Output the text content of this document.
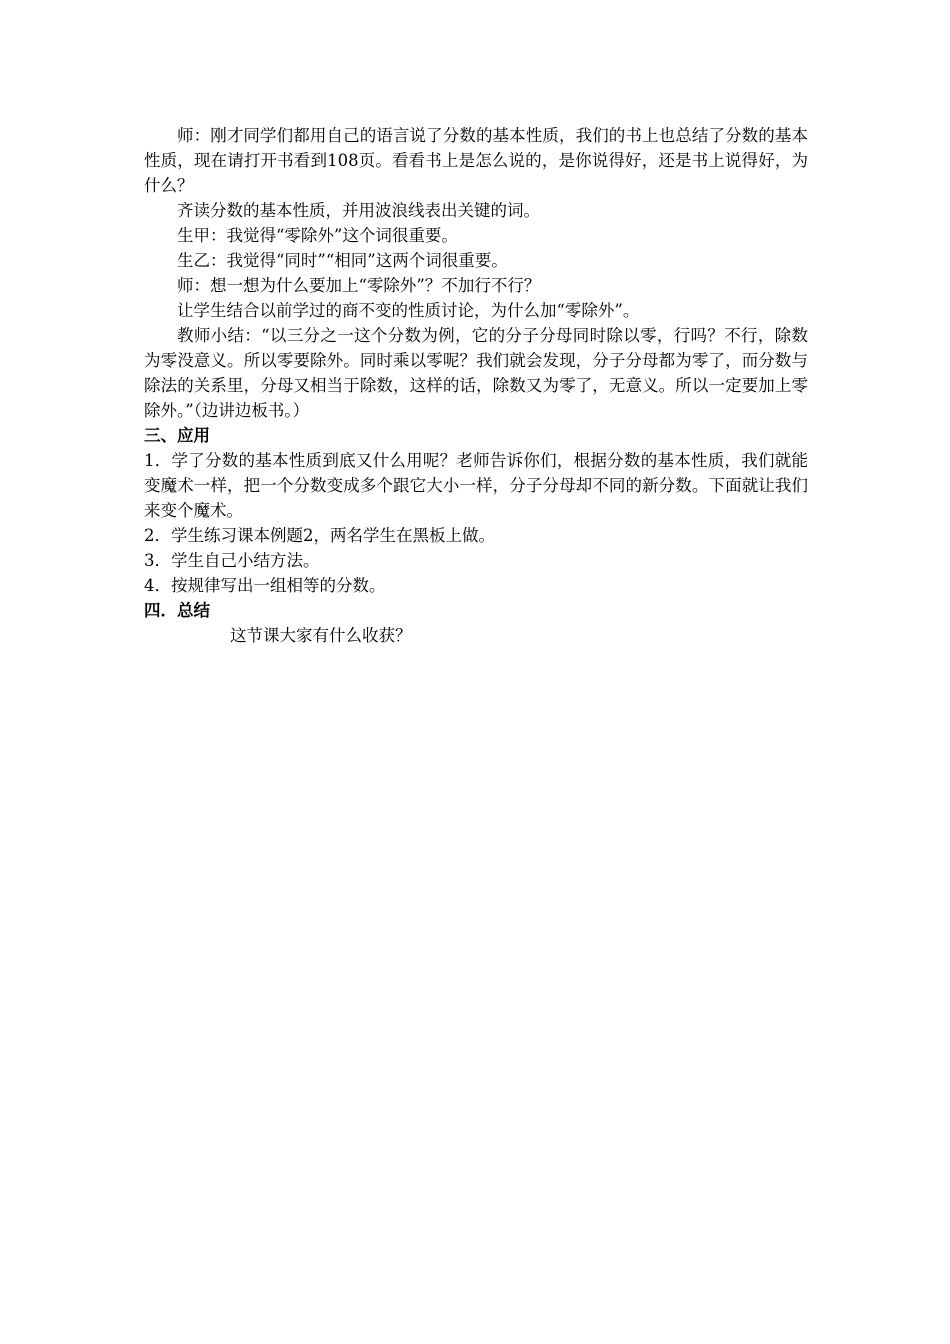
师：刚才同学们都用自己的语言说了分数的基本性质，我们的书上也总结了分数的基本性质，现在请打开书看到108页。看看书上是怎么说的，是你说得好，还是书上说得好，为什么？

齐读分数的基本性质，并用波浪线表出关键的词。

生甲：我觉得“零除外”这个词很重要。

生乙：我觉得“同时”“相同”这两个词很重要。

师：想一想为什么要加上“零除外”？不加行不行？

让学生结合以前学过的商不变的性质讨论，为什么加“零除外”。

教师小结：“以三分之一这个分数为例，它的分子分母同时除以零，行吗？不行，除数为零没意义。所以零要除外。同时乘以零呢？我们就会发现，分子分母都为零了，而分数与除法的关系里，分母又相当于除数，这样的话，除数又为零了，无意义。所以一定要加上零除外。”（边讲边板书。）

三、应用

1．学了分数的基本性质到底又什么用呢？老师告诉你们，根据分数的基本性质，我们就能变魔术一样，把一个分数变成多个跟它大小一样，分子分母却不同的新分数。下面就让我们来变个魔术。

2．学生练习课本例题2，两名学生在黑板上做。

3．学生自己小结方法。

4．按规律写出一组相等的分数。

四．总结

这节课大家有什么收获？
